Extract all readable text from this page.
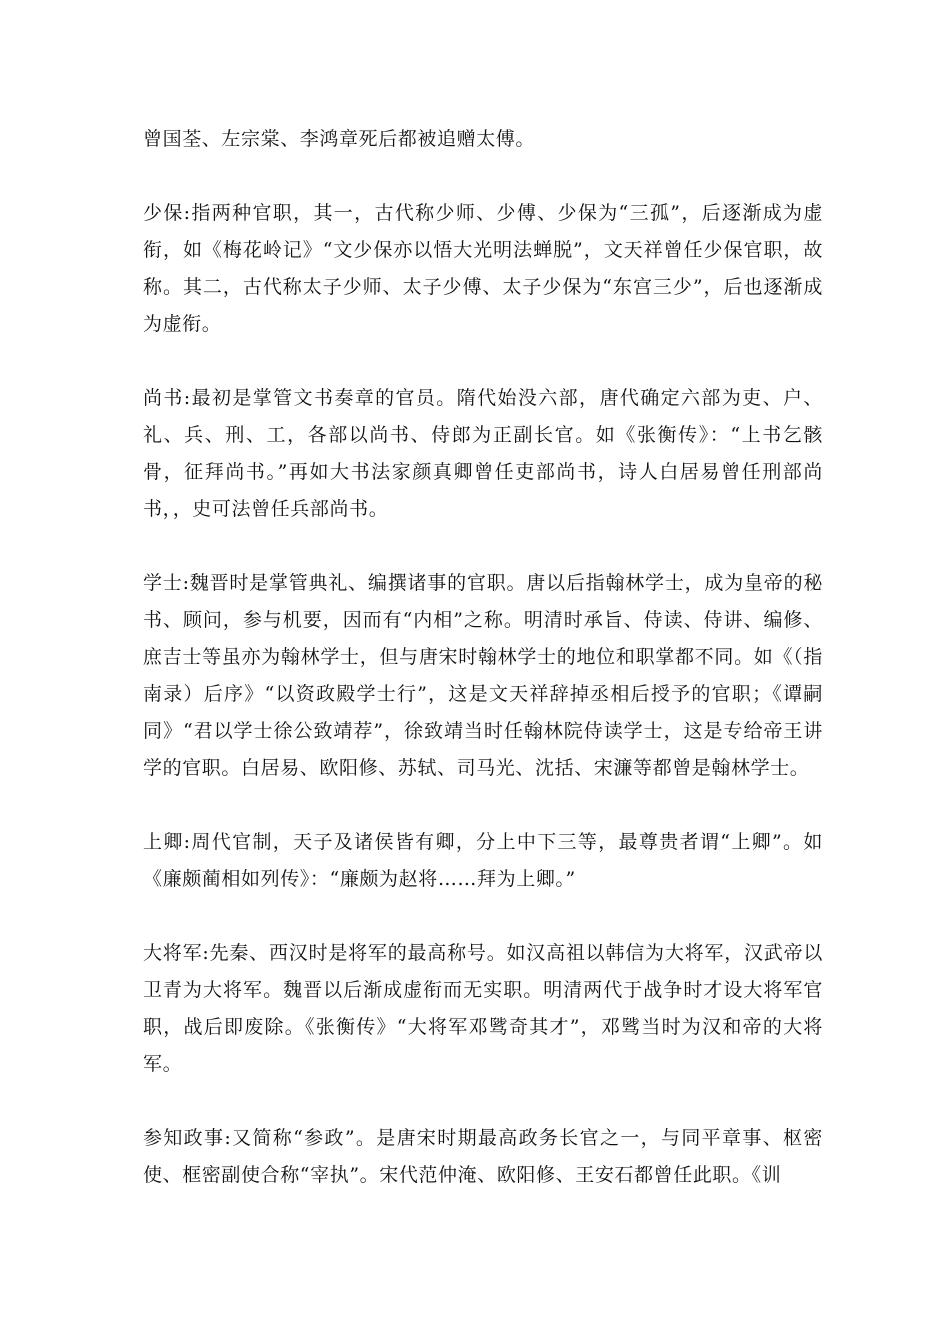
曾国荃、左宗棠、李鸿章死后都被追赠太傅。

少保:指两种官职，其一，古代称少师、少傅、少保为“三孤”，后逐渐成为虚衔，如《梅花岭记》“文少保亦以悟大光明法蝉脱”，文天祥曾任少保官职，故称。其二，古代称太子少师、太子少傅、太子少保为“东宫三少”，后也逐渐成为虚衔。

尚书:最初是掌管文书奏章的官员。隋代始没六部，唐代确定六部为吏、户、礼、兵、刑、工，各部以尚书、侍郎为正副长官。如《张衡传》：“上书乞骸骨，征拜尚书。”再如大书法家颜真卿曾任吏部尚书，诗人白居易曾任刑部尚书，，史可法曾任兵部尚书。

学士:魏晋时是掌管典礼、编撰诸事的官职。唐以后指翰林学士，成为皇帝的秘书、顾问，参与机要，因而有“内相”之称。明清时承旨、侍读、侍讲、编修、庶吉士等虽亦为翰林学士，但与唐宋时翰林学士的地位和职掌都不同。如《（指南录）后序》“以资政殿学士行”，这是文天祥辞掉丞相后授予的官职；《谭嗣同》“君以学士徐公致靖荐”，徐致靖当时任翰林院侍读学士，这是专给帝王讲学的官职。白居易、欧阳修、苏轼、司马光、沈括、宋濂等都曾是翰林学士。

上卿:周代官制，天子及诸侯皆有卿，分上中下三等，最尊贵者谓“上卿”。如《廉颇蔺相如列传》：“廉颇为赵将……拜为上卿。”

大将军:先秦、西汉时是将军的最高称号。如汉高祖以韩信为大将军，汉武帝以卫青为大将军。魏晋以后渐成虚衔而无实职。明清两代于战争时才设大将军官职，战后即废除。《张衡传》“大将军邓骘奇其才”，邓骘当时为汉和帝的大将军。

参知政事:又简称“参政”。是唐宋时期最高政务长官之一，与同平章事、枢密使、框密副使合称“宰执”。宋代范仲淹、欧阳修、王安石都曾任此职。《训
